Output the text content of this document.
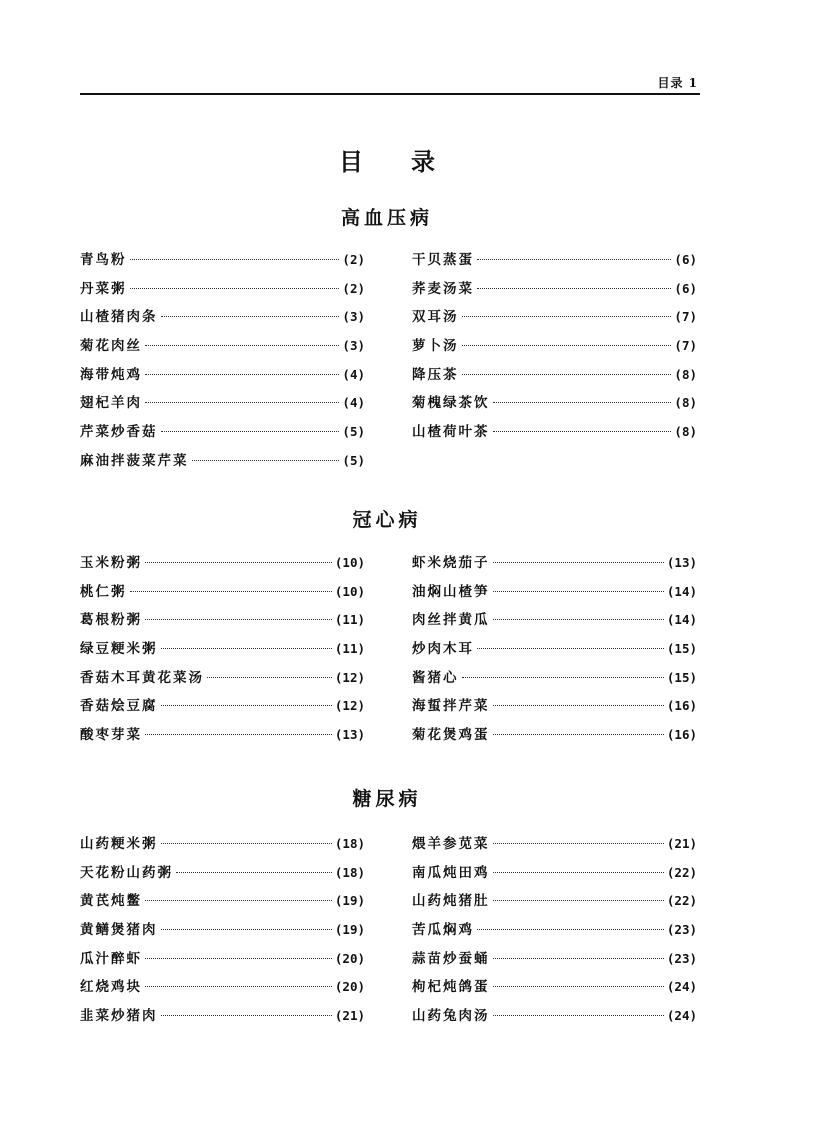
目录 1
目录
高血压病
青鸟粉	(2)
丹菜粥	(2)
山楂猪肉条	(3)
菊花肉丝	(3)
海带炖鸡	(4)
翅杞羊肉	(4)
芹菜炒香菇	(5)
麻油拌菠菜芹菜	(5)
干贝蒸蛋	(6)
荞麦汤菜	(6)
双耳汤	(7)
萝卜汤	(7)
降压茶	(8)
菊槐绿茶饮	(8)
山楂荷叶茶	(8)
冠心病
玉米粉粥	(10)
桃仁粥	(10)
葛根粉粥	(11)
绿豆粳米粥	(11)
香菇木耳黄花菜汤	(12)
香菇烩豆腐	(12)
酸枣芽菜	(13)
虾米烧茄子	(13)
油焖山楂笋	(14)
肉丝拌黄瓜	(14)
炒肉木耳	(15)
酱猪心	(15)
海蜇拌芹菜	(16)
菊花煲鸡蛋	(16)
糖尿病
山药粳米粥	(18)
天花粉山药粥	(18)
黄芪炖鳖	(19)
黄鳝煲猪肉	(19)
瓜汁醉虾	(20)
红烧鸡块	(20)
韭菜炒猪肉	(21)
煨羊参苋菜	(21)
南瓜炖田鸡	(22)
山药炖猪肚	(22)
苦瓜焖鸡	(23)
蒜苗炒蚕蛹	(23)
枸杞炖鸽蛋	(24)
山药兔肉汤	(24)
